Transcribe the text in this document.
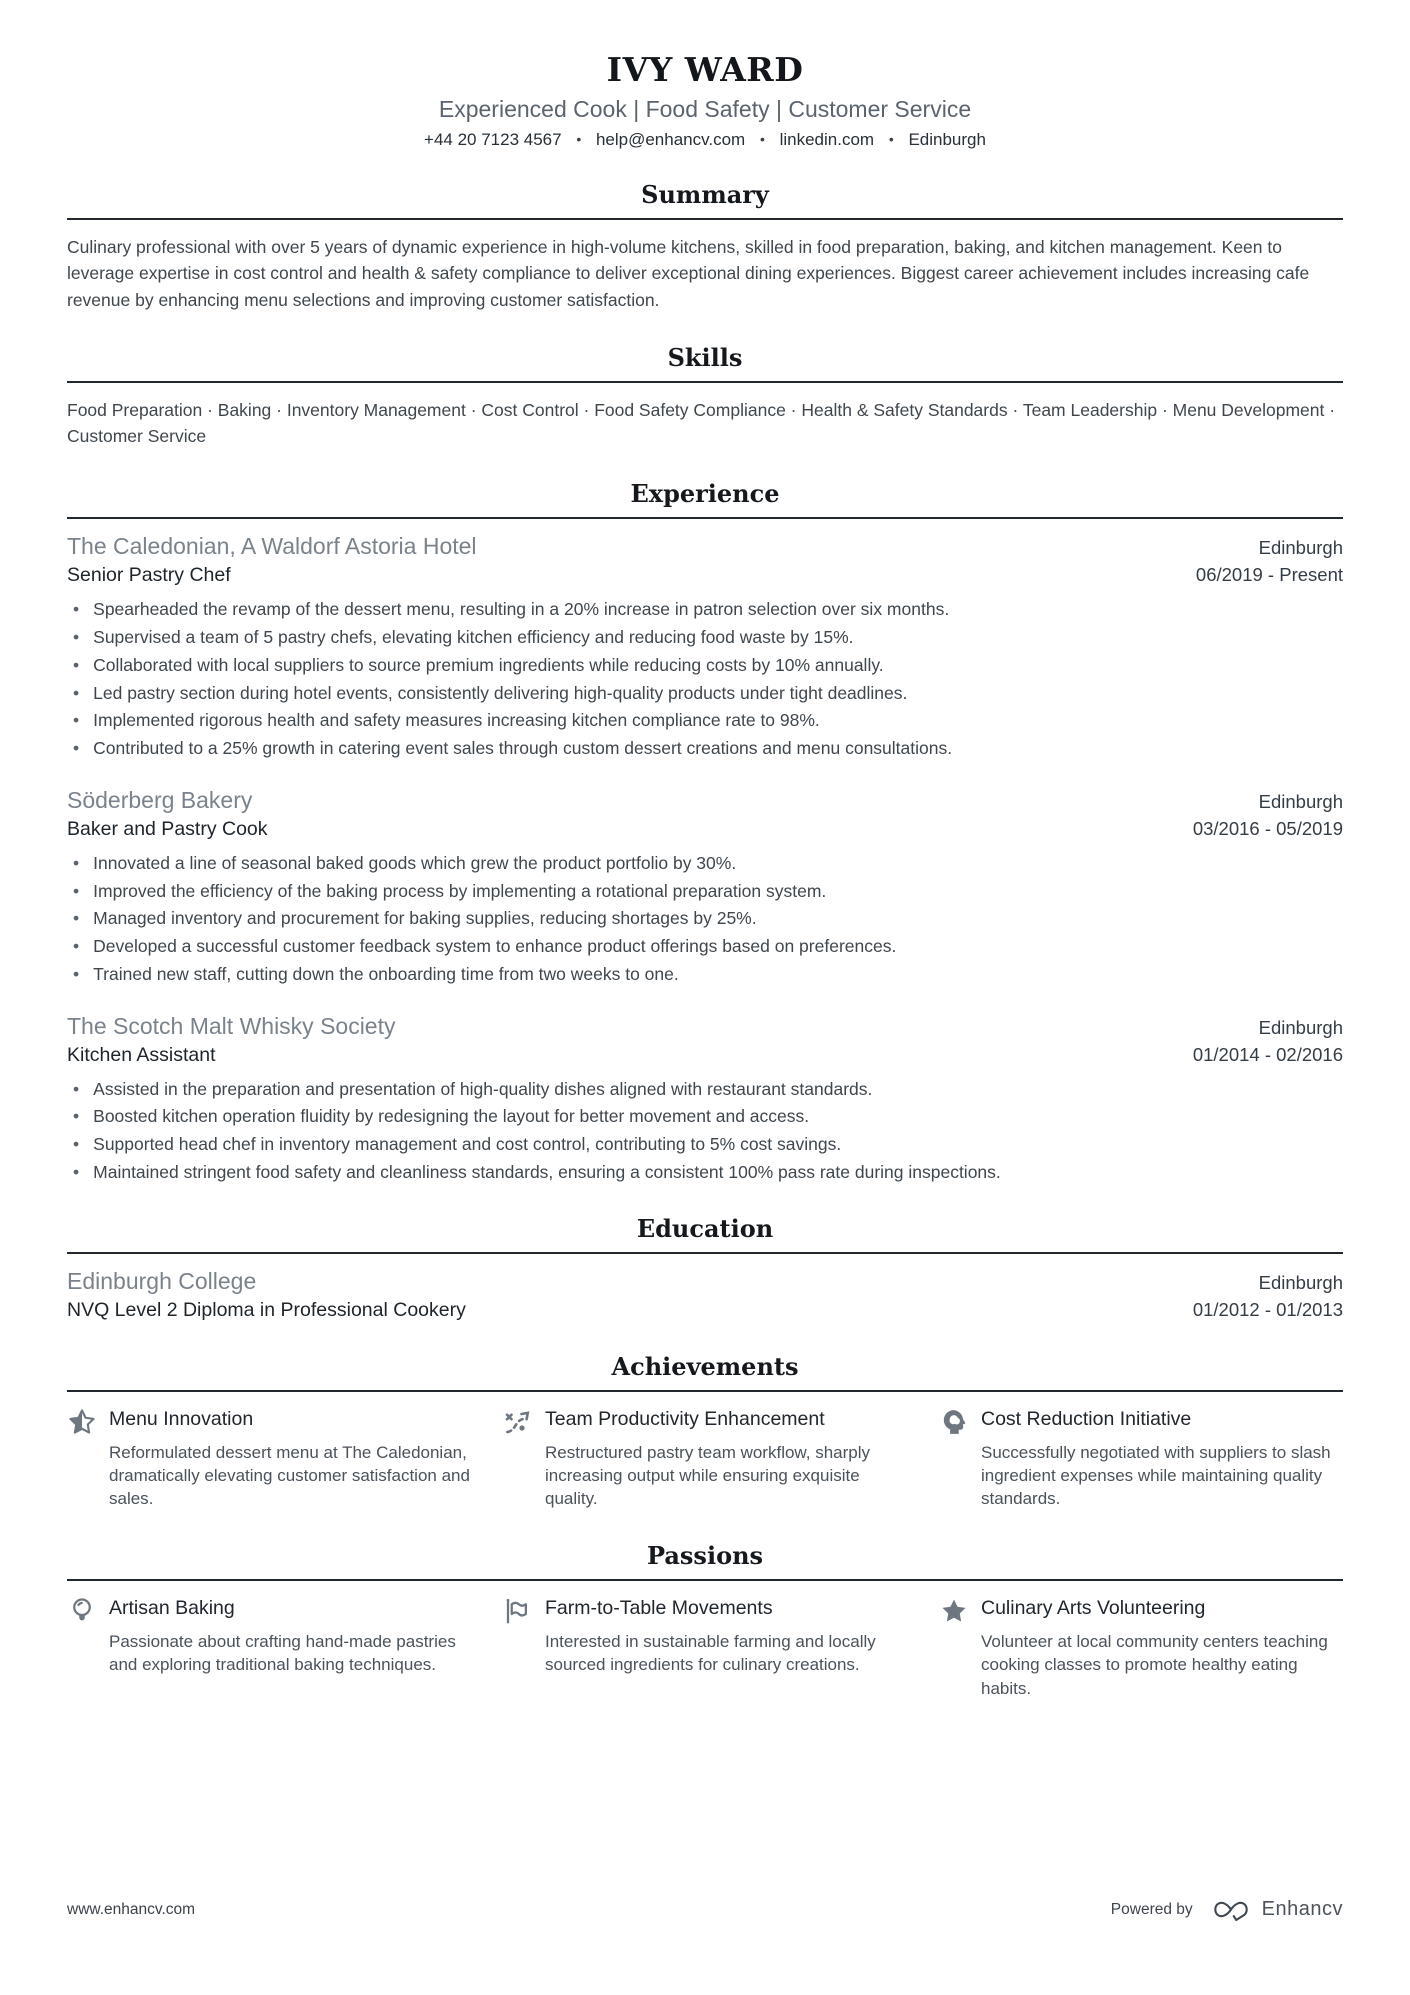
IVY WARD

Experienced Cook | Food Safety | Customer Service

+44 20 7123 4567 • help@enhancv.com • linkedin.com • Edinburgh

Summary

Culinary professional with over 5 years of dynamic experience in high-volume kitchens, skilled in food preparation, baking, and kitchen management. Keen to leverage expertise in cost control and health & safety compliance to deliver exceptional dining experiences. Biggest career achievement includes increasing cafe revenue by enhancing menu selections and improving customer satisfaction.

Skills

Food Preparation · Baking · Inventory Management · Cost Control · Food Safety Compliance · Health & Safety Standards · Team Leadership · Menu Development · Customer Service

Experience
The Caledonian, A Waldorf Astoria Hotel	Edinburgh
Senior Pastry Chef	06/2019 - Present
• Spearheaded the revamp of the dessert menu, resulting in a 20% increase in patron selection over six months.
• Supervised a team of 5 pastry chefs, elevating kitchen efficiency and reducing food waste by 15%.
• Collaborated with local suppliers to source premium ingredients while reducing costs by 10% annually.
• Led pastry section during hotel events, consistently delivering high-quality products under tight deadlines.
• Implemented rigorous health and safety measures increasing kitchen compliance rate to 98%.
• Contributed to a 25% growth in catering event sales through custom dessert creations and menu consultations.
Söderberg Bakery	Edinburgh
Baker and Pastry Cook	03/2016 - 05/2019
• Innovated a line of seasonal baked goods which grew the product portfolio by 30%.
• Improved the efficiency of the baking process by implementing a rotational preparation system.
• Managed inventory and procurement for baking supplies, reducing shortages by 25%.
• Developed a successful customer feedback system to enhance product offerings based on preferences.
• Trained new staff, cutting down the onboarding time from two weeks to one.
The Scotch Malt Whisky Society	Edinburgh
Kitchen Assistant	01/2014 - 02/2016
• Assisted in the preparation and presentation of high-quality dishes aligned with restaurant standards.
• Boosted kitchen operation fluidity by redesigning the layout for better movement and access.
• Supported head chef in inventory management and cost control, contributing to 5% cost savings.
• Maintained stringent food safety and cleanliness standards, ensuring a consistent 100% pass rate during inspections.
Education
Edinburgh College	Edinburgh
NVQ Level 2 Diploma in Professional Cookery	01/2012 - 01/2013
Achievements
Menu Innovation

Reformulated dessert menu at The Caledonian, dramatically elevating customer satisfaction and sales.

Team Productivity Enhancement

Restructured pastry team workflow, sharply increasing output while ensuring exquisite quality.

Cost Reduction Initiative

Successfully negotiated with suppliers to slash ingredient expenses while maintaining quality standards.

Passions
Artisan Baking

Passionate about crafting hand-made pastries and exploring traditional baking techniques.

Farm-to-Table Movements

Interested in sustainable farming and locally sourced ingredients for culinary creations.

Culinary Arts Volunteering

Volunteer at local community centers teaching cooking classes to promote healthy eating habits.

www.enhancv.com	Powered by	Enhancv
